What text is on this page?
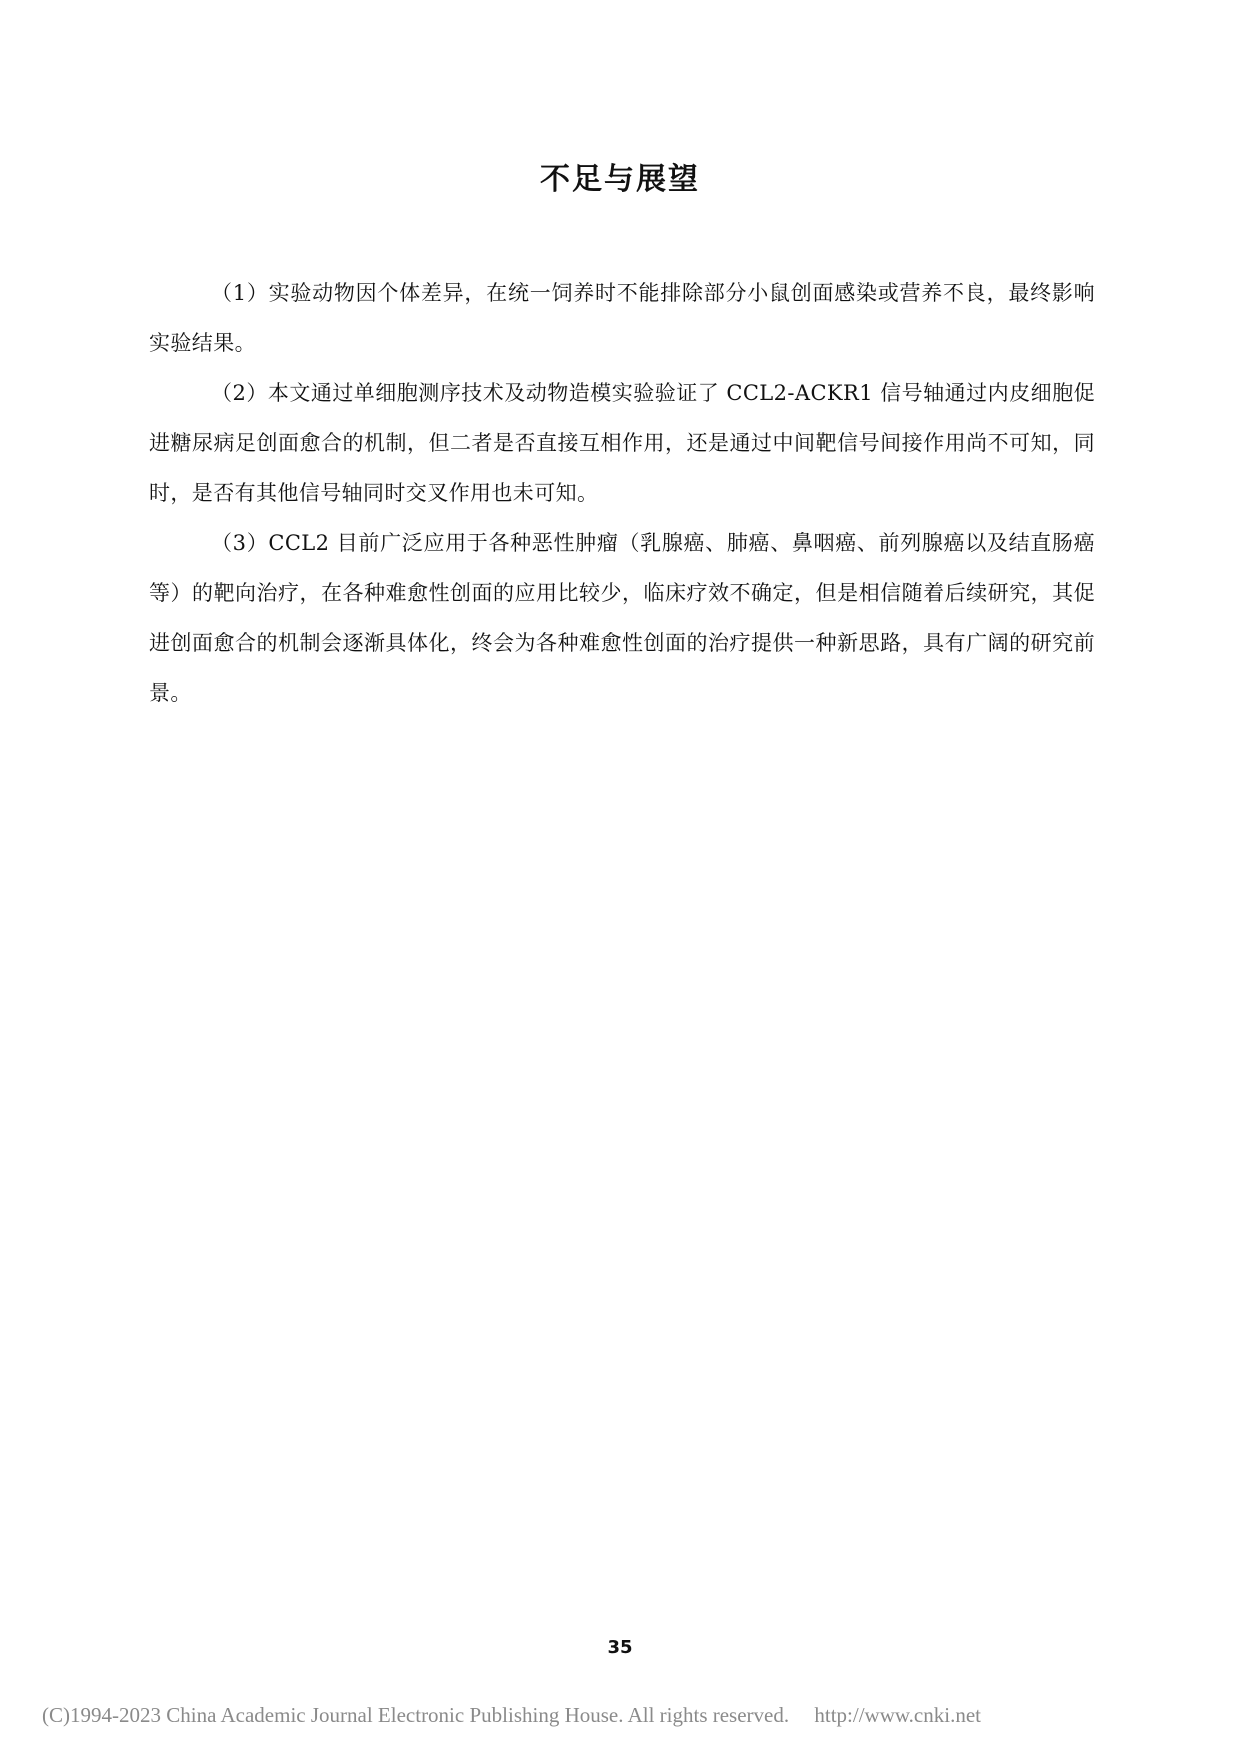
不足与展望

（1）实验动物因个体差异，在统一饲养时不能排除部分小鼠创面感染或营养不良，最终影响实验结果。

（2）本文通过单细胞测序技术及动物造模实验验证了 CCL2-ACKR1 信号轴通过内皮细胞促进糖尿病足创面愈合的机制，但二者是否直接互相作用，还是通过中间靶信号间接作用尚不可知，同时，是否有其他信号轴同时交叉作用也未可知。

（3）CCL2 目前广泛应用于各种恶性肿瘤（乳腺癌、肺癌、鼻咽癌、前列腺癌以及结直肠癌等）的靶向治疗，在各种难愈性创面的应用比较少，临床疗效不确定，但是相信随着后续研究，其促进创面愈合的机制会逐渐具体化，终会为各种难愈性创面的治疗提供一种新思路，具有广阔的研究前景。

35
(C)1994-2023 China Academic Journal Electronic Publishing House. All rights reserved. http://www.cnki.net
